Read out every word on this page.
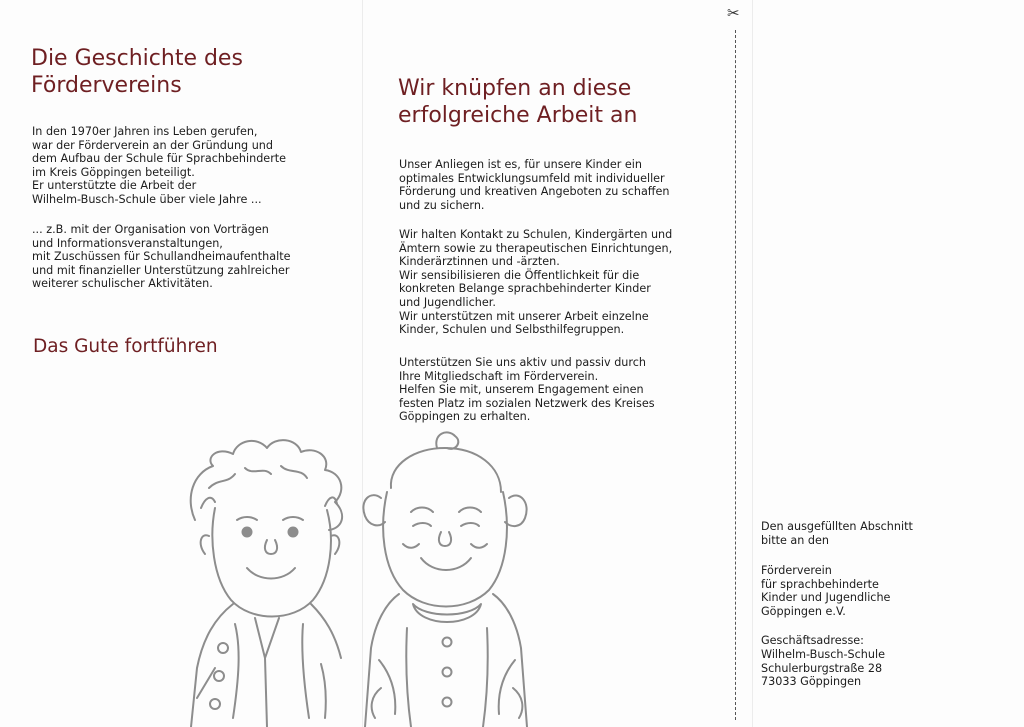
Die Geschichte des
Fördervereins

In den 1970er Jahren ins Leben gerufen,
war der Förderverein an der Gründung und
dem Aufbau der Schule für Sprachbehinderte
im Kreis Göppingen beteiligt.
Er unterstützte die Arbeit der
Wilhelm-Busch-Schule über viele Jahre ...

... z.B. mit der Organisation von Vorträgen
und Informationsveranstaltungen,
mit Zuschüssen für Schullandheimaufenthalte
und mit finanzieller Unterstützung zahlreicher
weiterer schulischer Aktivitäten.

Das Gute fortführen
Wir knüpfen an diese
erfolgreiche Arbeit an

Unser Anliegen ist es, für unsere Kinder ein
optimales Entwicklungsumfeld mit individueller
Förderung und kreativen Angeboten zu schaffen
und zu sichern.

Wir halten Kontakt zu Schulen, Kindergärten und
Ämtern sowie zu therapeutischen Einrichtungen,
Kinderärztinnen und -ärzten.
Wir sensibilisieren die Öffentlichkeit für die
konkreten Belange sprachbehinderter Kinder
und Jugendlicher.
Wir unterstützen mit unserer Arbeit einzelne
Kinder, Schulen und Selbsthilfegruppen.

Unterstützen Sie uns aktiv und passiv durch
Ihre Mitgliedschaft im Förderverein.
Helfen Sie mit, unserem Engagement einen
festen Platz im sozialen Netzwerk des Kreises
Göppingen zu erhalten.

✂

Den ausgefüllten Abschnitt
bitte an den

Förderverein
für sprachbehinderte
Kinder und Jugendliche
Göppingen e.V.

Geschäftsadresse:

Wilhelm-Busch-Schule
Schulerburgstraße 28
73033 Göppingen
